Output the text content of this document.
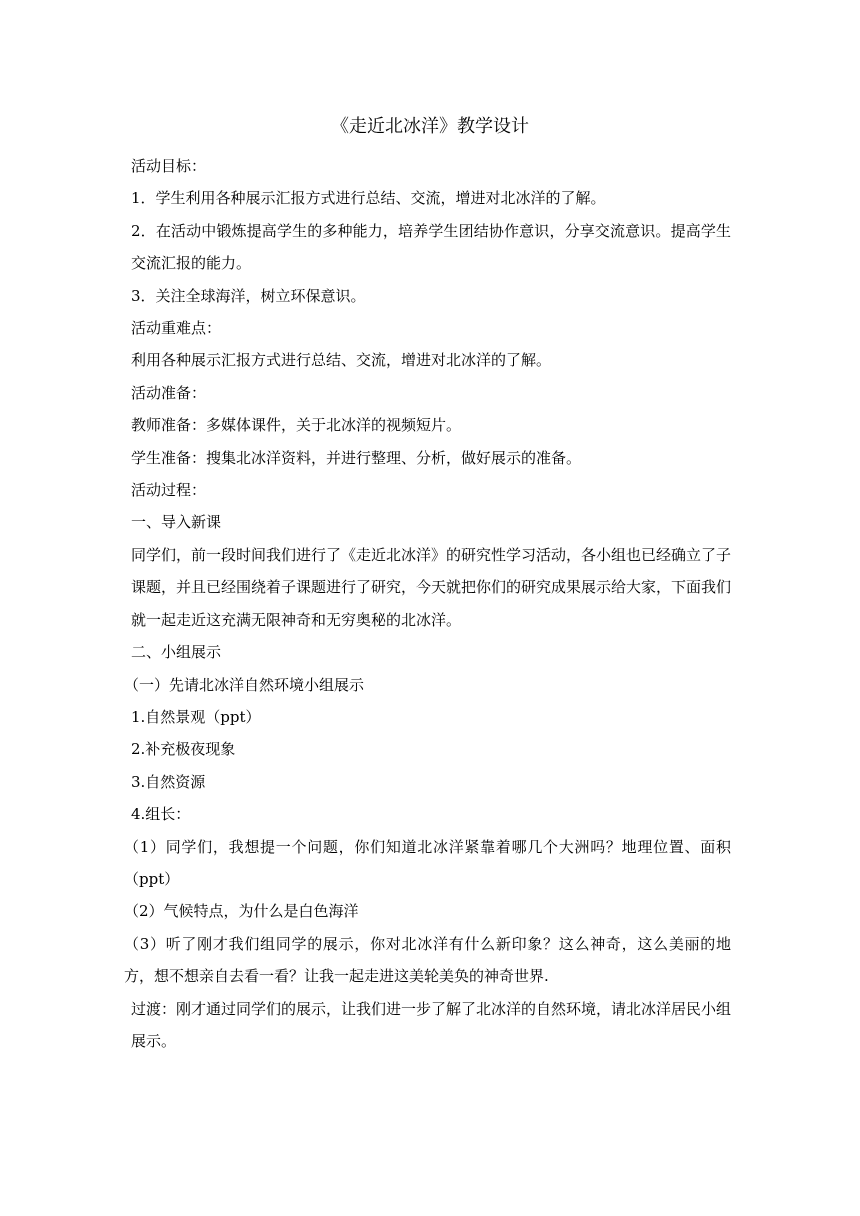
《走近北冰洋》教学设计

活动目标：

1．学生利用各种展示汇报方式进行总结、交流，增进对北冰洋的了解。

2．在活动中锻炼提高学生的多种能力，培养学生团结协作意识，分享交流意识。提高学生交流汇报的能力。

3．关注全球海洋，树立环保意识。

活动重难点：

利用各种展示汇报方式进行总结、交流，增进对北冰洋的了解。

活动准备：

教师准备：多媒体课件，关于北冰洋的视频短片。

学生准备：搜集北冰洋资料，并进行整理、分析，做好展示的准备。

活动过程：

一、导入新课

同学们，前一段时间我们进行了《走近北冰洋》的研究性学习活动，各小组也已经确立了子课题，并且已经围绕着子课题进行了研究，今天就把你们的研究成果展示给大家，下面我们就一起走近这充满无限神奇和无穷奥秘的北冰洋。

二、小组展示

（一）先请北冰洋自然环境小组展示

1.自然景观（ppt）

2.补充极夜现象

3.自然资源

4.组长：

（1）同学们，我想提一个问题，你们知道北冰洋紧靠着哪几个大洲吗？地理位置、面积（ppt）

（2）气候特点，为什么是白色海洋

（3）听了刚才我们组同学的展示，你对北冰洋有什么新印象？这么神奇，这么美丽的地方，想不想亲自去看一看？让我一起走进这美轮美奂的神奇世界.

过渡：刚才通过同学们的展示，让我们进一步了解了北冰洋的自然环境，请北冰洋居民小组展示。
